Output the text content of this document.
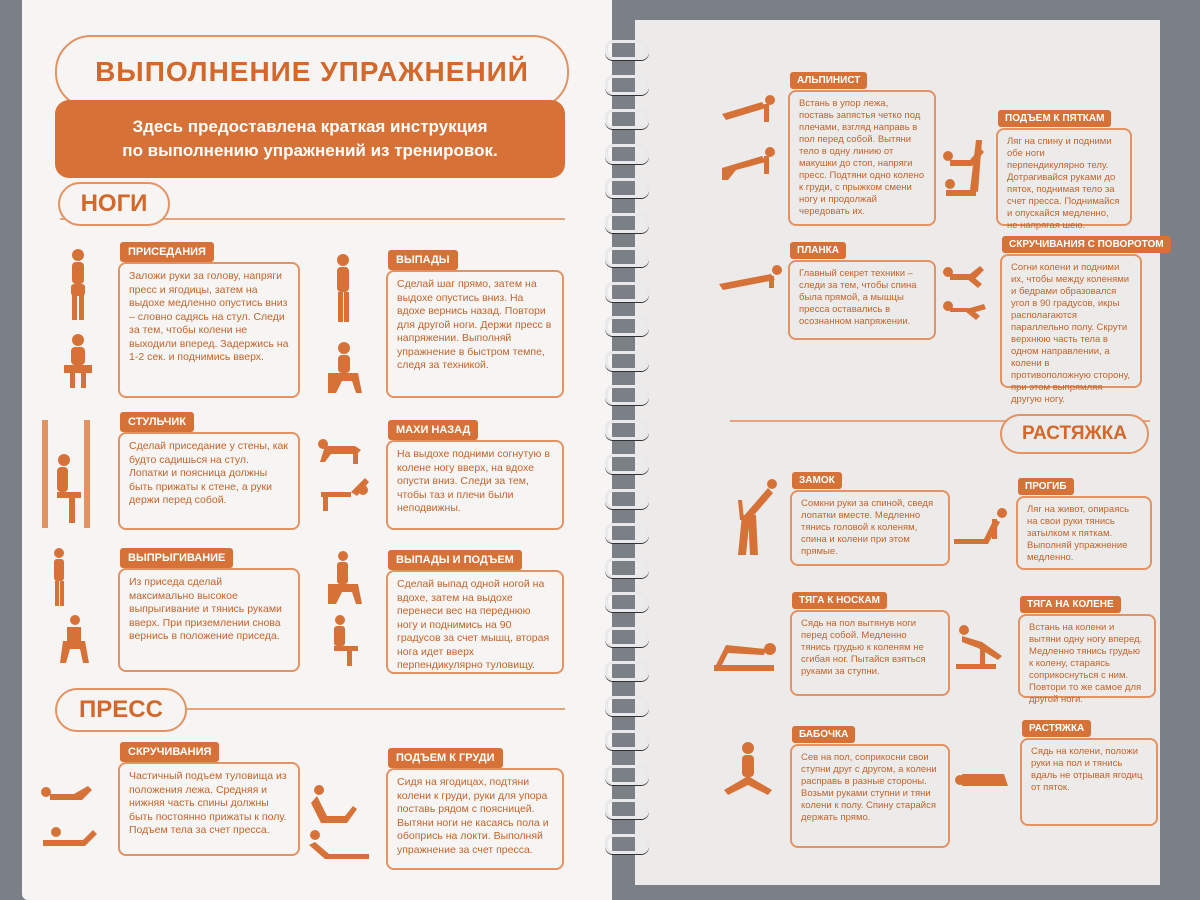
ВЫПОЛНЕНИЕ УПРАЖНЕНИЙ
Здесь предоставлена краткая инструкция
по выполнению упражнений из тренировок.
НОГИ
ПРИСЕДАНИЯ
Заложи руки за голову, напряги пресс и ягодицы, затем на выдохе медленно опустись вниз – словно садясь на стул. Следи за тем, чтобы колени не выходили вперед. Задержись на 1-2 сек. и поднимись вверх.
ВЫПАДЫ
Сделай шаг прямо, затем на выдохе опустись вниз. На вдохе вернись назад. Повтори для другой ноги. Держи пресс в напряжении. Выполняй упражнение в быстром темпе, следя за техникой.
СТУЛЬЧИК
Сделай приседание у стены, как будто садишься на стул. Лопатки и поясница должны быть прижаты к стене, а руки держи перед собой.
МАХИ НАЗАД
На выдохе подними согнутую в колене ногу вверх, на вдохе опусти вниз. Следи за тем, чтобы таз и плечи были неподвижны.
ВЫПРЫГИВАНИЕ
Из приседа сделай максимально высокое выпрыгивание и тянись руками вверх. При приземлении снова вернись в положение приседа.
ВЫПАДЫ И ПОДЪЕМ
Сделай выпад одной ногой на вдохе, затем на выдохе перенеси вес на переднюю ногу и поднимись на 90 градусов за счет мышц, вторая нога идет вверх перпендикулярно туловищу.
ПРЕСС
СКРУЧИВАНИЯ
Частичный подъем туловища из положения лежа. Средняя и нижняя часть спины должны быть постоянно прижаты к полу. Подъем тела за счет пресса.
ПОДЪЕМ К ГРУДИ
Сидя на ягодицах, подтяни колени к груди, руки для упора поставь рядом с поясницей. Вытяни ноги не касаясь пола и обопрись на локти. Выполняй упражнение за счет пресса.
АЛЬПИНИСТ
Встань в упор лежа, поставь запястья четко под плечами, взгляд направь в пол перед собой. Вытяни тело в одну линию от макушки до стоп, напряги пресс. Подтяни одно колено к груди, с прыжком смени ногу и продолжай чередовать их.
ПОДЪЕМ К ПЯТКАМ
Ляг на спину и подними обе ноги перпендикулярно телу. Дотрагивайся руками до пяток, поднимая тело за счет пресса. Поднимайся и опускайся медленно, не напрягая шею.
ПЛАНКА
Главный секрет техники – следи за тем, чтобы спина была прямой, а мышцы пресса оставались в осознанном напряжении.
СКРУЧИВАНИЯ С ПОВОРОТОМ
Согни колени и подними их, чтобы между коленями и бедрами образовался угол в 90 градусов, икры располагаются параллельно полу. Скрути верхнюю часть тела в одном направлении, а колени в противоположную сторону, при этом выпрямляя другую ногу.
РАСТЯЖКА
ЗАМОК
Сомкни руки за спиной, сведя лопатки вместе. Медленно тянись головой к коленям, спина и колени при этом прямые.
ПРОГИБ
Ляг на живот, опираясь на свои руки тянись затылком к пяткам. Выполняй упражнение медленно.
ТЯГА К НОСКАМ
Сядь на пол вытянув ноги перед собой. Медленно тянись грудью к коленям не сгибая ног. Пытайся взяться руками за ступни.
ТЯГА НА КОЛЕНЕ
Встань на колени и вытяни одну ногу вперед. Медленно тянись грудью к колену, стараясь соприкоснуться с ним. Повтори то же самое для другой ноги.
БАБОЧКА
Сев на пол, соприкосни свои ступни друг с другом, а колени расправь в разные стороны. Возьми руками ступни и тяни колени к полу. Спину старайся держать прямо.
РАСТЯЖКА
Сядь на колени, положи руки на пол и тянись вдаль не отрывая ягодиц от пяток.
